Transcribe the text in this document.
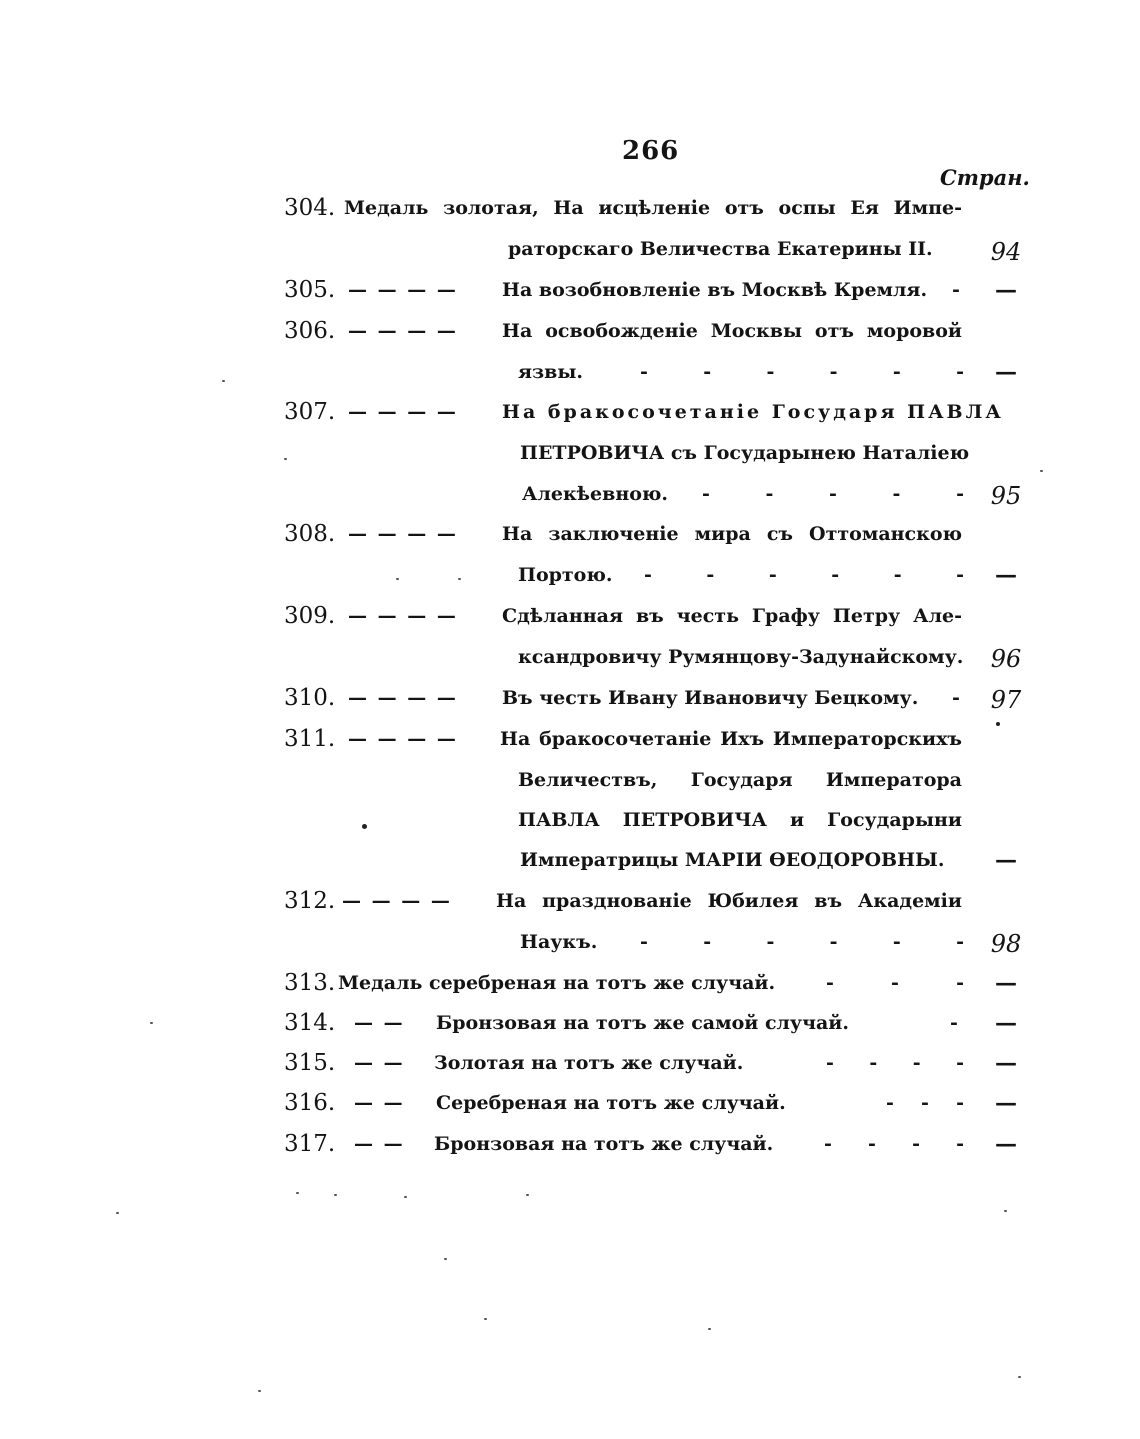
266
Стран.
304. Медаль золотая, На исцѣленіе отъ оспы Ея Импе-
раторскаго Величества Екатерины II. 94
305. — — — — На возобновленіе въ Москвѣ Кремля. -	—
306. — — — — На освобожденіе Москвы отъ моровой
язвы.	-	-	-	-	-	-	—
307. — — — — На бракосочетаніе Государя ПАВЛА
ПЕТРОВИЧА съ Государынею Наталіею
Алекѣевною. -	-	-	-	- 95
308. — — — — На заключеніе мира съ Оттоманскою
Портою. -	-	-	-	-	-	—
309. — — — — Сдѣланная въ честь Графу Петру Але-
ксандровичу Румянцову-Задунайскому. 96
310. — — — — Въ честь Ивану Ивановичу Бецкому. - 97
311. — — — — На бракосочетаніе Ихъ Императорскихъ
Величествъ, Государя Императора
ПАВЛА ПЕТРОВИЧА и Государыни
Императрицы МАРІИ ѲЕОДОРОВНЫ.	—
312. — — — — На празднованіе Юбилея въ Академіи
Наукъ. -	-	-	-	-	- 98
313. Медаль серебреная на тотъ же случай.	-	-	-	—
314. — — Бронзовая на тотъ же самой случай.	-	—
315. — — Золотая на тотъ же случай.	- - - -	—
316. — — Серебреная на тотъ же случай.	- - -	—
317. — — Бронзовая на тотъ же случай.	- - - -	—
